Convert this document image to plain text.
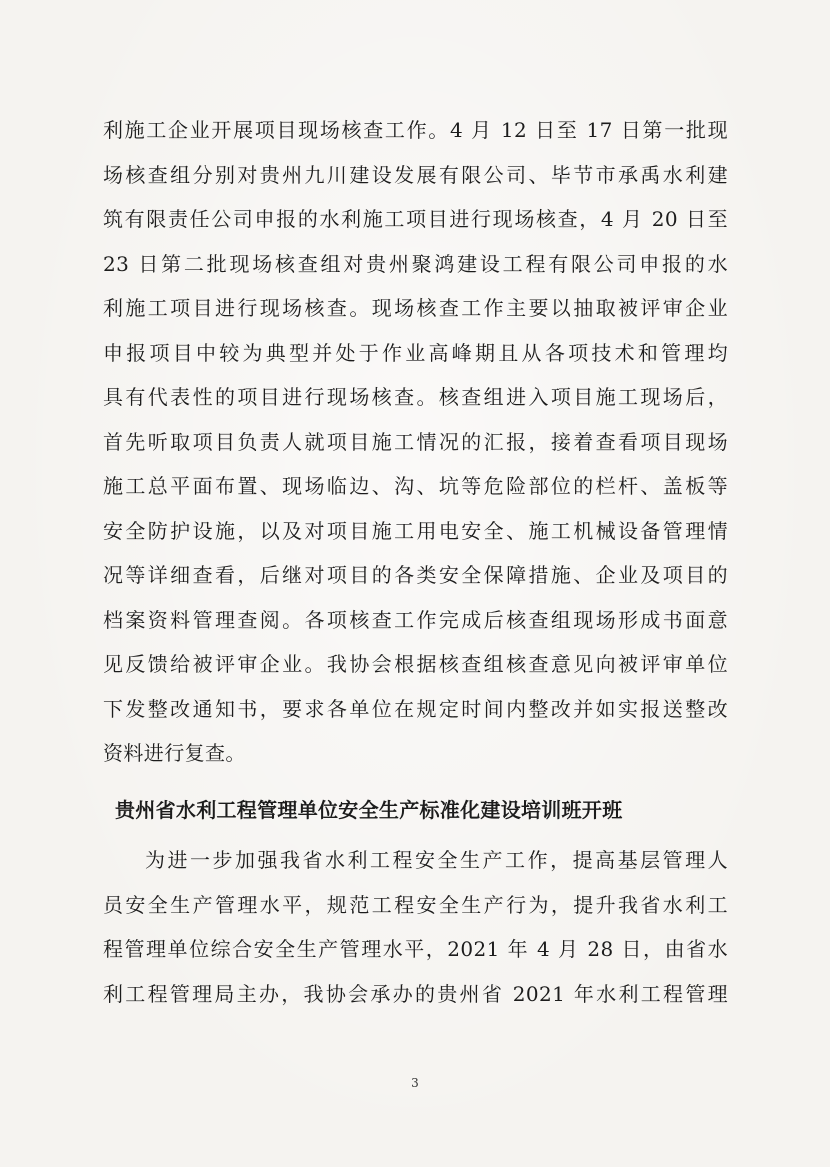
利施工企业开展项目现场核查工作。4 月 12 日至 17 日第一批现
场核查组分别对贵州九川建设发展有限公司、毕节市承禹水利建
筑有限责任公司申报的水利施工项目进行现场核查，4 月 20 日至
23 日第二批现场核查组对贵州聚鸿建设工程有限公司申报的水
利施工项目进行现场核查。现场核查工作主要以抽取被评审企业
申报项目中较为典型并处于作业高峰期且从各项技术和管理均
具有代表性的项目进行现场核查。核查组进入项目施工现场后，
首先听取项目负责人就项目施工情况的汇报，接着查看项目现场
施工总平面布置、现场临边、沟、坑等危险部位的栏杆、盖板等
安全防护设施，以及对项目施工用电安全、施工机械设备管理情
况等详细查看，后继对项目的各类安全保障措施、企业及项目的
档案资料管理查阅。各项核查工作完成后核查组现场形成书面意
见反馈给被评审企业。我协会根据核查组核查意见向被评审单位
下发整改通知书，要求各单位在规定时间内整改并如实报送整改
资料进行复查。
贵州省水利工程管理单位安全生产标准化建设培训班开班
为进一步加强我省水利工程安全生产工作，提高基层管理人
员安全生产管理水平，规范工程安全生产行为，提升我省水利工
程管理单位综合安全生产管理水平，2021 年 4 月 28 日，由省水
利工程管理局主办，我协会承办的贵州省 2021 年水利工程管理
3
